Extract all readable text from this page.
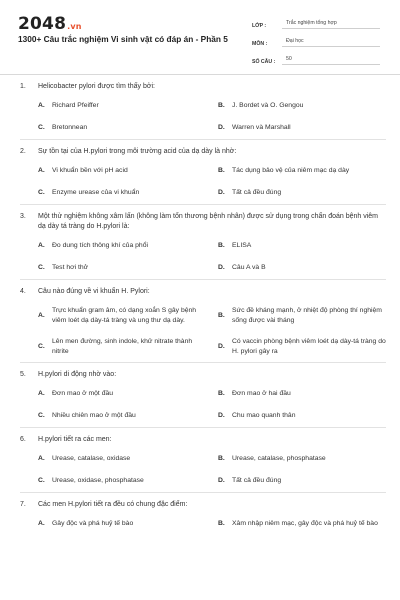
2048.vn
1300+ Câu trắc nghiệm Vi sinh vật có đáp án - Phần 5
LỚP :	Trắc nghiệm tổng hợp
MÔN :	Đại học
SỐ CÂU :	50
1.	Helicobacter pylori được tìm thấy bởi:
A.	Richard Pfeiffer	B.	J. Bordet và O. Gengou
C.	Bretonnean	D.	Warren và Marshall
2.	Sự tồn tại của H.pylori trong môi trường acid của dạ dày là nhờ:
A.	Vi khuẩn bền với pH acid	B.	Tác dụng bảo vệ của niêm mạc dạ dày
C.	Enzyme urease của vi khuẩn	D.	Tất cả đều đúng
3.	Một thử nghiệm không xâm lấn (không làm tổn thương bệnh nhân) được sử dụng trong chẩn đoán bệnh viêm dạ dày tá tràng do H.pylori là:
A.	Đo dung tích thông khí của phổi	B.	ELISA
C.	Test hơi thở	D.	Câu A và B
4.	Câu nào đúng về vi khuẩn H. Pylori:
A.
Trực khuẩn gram âm, có dạng xoắn S gây bệnh viêm loét dạ dày-tá tràng và ung thư dạ dày.
B.
Sức đề kháng mạnh, ở nhiệt độ phòng thí nghiệm sống được vài tháng
C.
Lên men đường, sinh indole, khử nitrate thành nitrite
D.
Có vaccin phòng bệnh viêm loét dạ dày-tá tràng do H. pylori gây ra
5.	H.pylori di động nhờ vào:
A.	Đơn mao ở một đầu	B.	Đơn mao ở hai đầu
C.	Nhiều chiên mao ở một đầu	D.	Chu mao quanh thân
6.	H.pylori tiết ra các men:
A.	Urease, catalase, oxidase	B.	Urease, catalase, phosphatase
C.	Urease, oxidase, phosphatase	D.	Tất cả đều đúng
7.	Các men H.pylori tiết ra đều có chung đặc điểm:
A.	Gây độc và phá huỷ tế bào	B.	Xâm nhập niêm mạc, gây độc và phá huỷ tế bào
